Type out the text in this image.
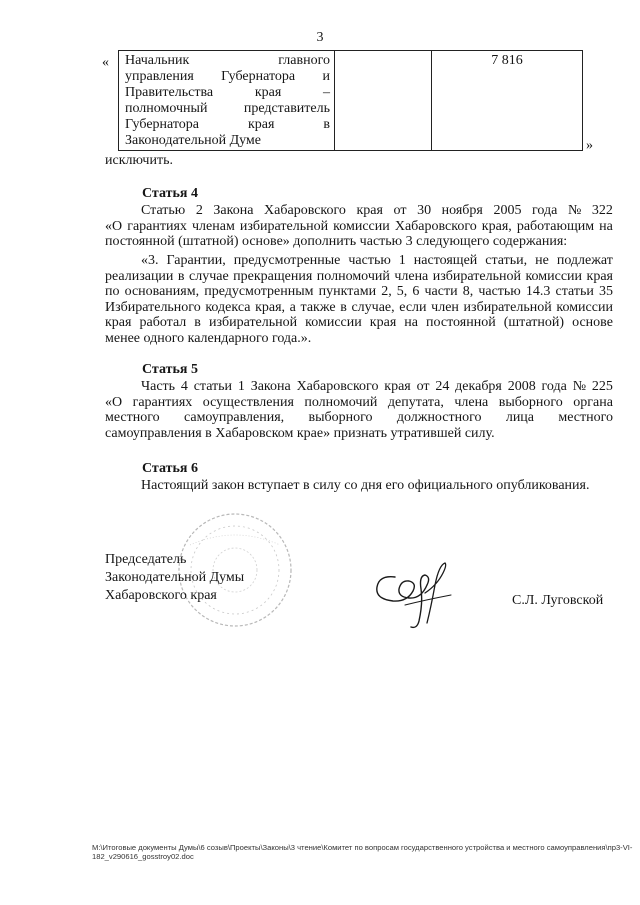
3
« Начальник	главного
управления Губернатора и
Правительства	края	–
полномочный	представитель
Губернатора	края	в
Законодательной Думе
		7 816
»
исключить.
Статья 4
Статью 2 Закона Хабаровского края от 30 ноября 2005 года № 322
«О гарантиях членам избирательной комиссии Хабаровского края, работающим на
постоянной (штатной) основе» дополнить частью 3 следующего содержания:
«3. Гарантии, предусмотренные частью 1 настоящей статьи, не подлежат
реализации в случае прекращения полномочий члена избирательной комиссии края
по основаниям, предусмотренным пунктами 2, 5, 6 части 8, частью 14.3 статьи 35
Избирательного кодекса края, а также в случае, если член избирательной комиссии
края работал в избирательной комиссии края на постоянной (штатной) основе
менее одного календарного года.».
Статья 5
Часть 4 статьи 1 Закона Хабаровского края от 24 декабря 2008 года № 225
«О гарантиях осуществления полномочий депутата, члена выборного органа
местного самоуправления, выборного должностного лица местного
самоуправления в Хабаровском крае» признать утратившей силу.
Статья 6
Настоящий закон вступает в силу со дня его официального опубликования.
Председатель
Законодательной Думы
Хабаровского края	С.Л. Луговской
М:\Итоговые документы Думы\6 созыв\Проекты\Законы\3 чтение\Комитет по вопросам государственного устройства и местного самоуправления\пр3-VI-
182_v290616_gosstroy02.doc
